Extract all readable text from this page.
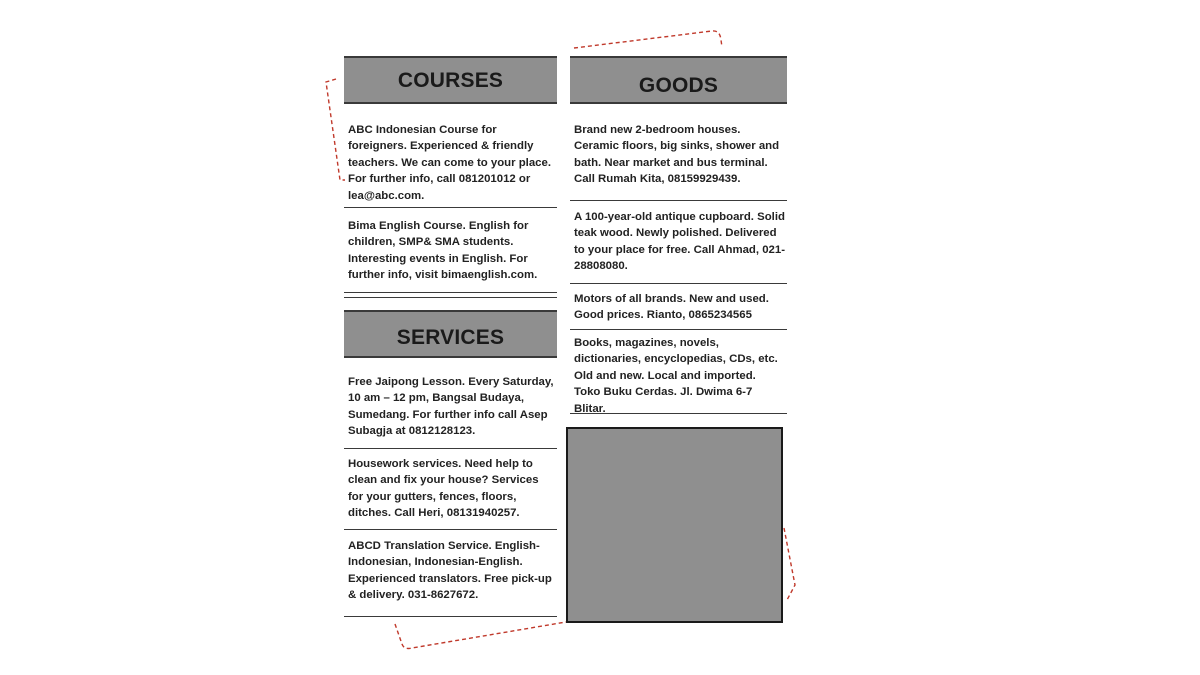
COURSES
ABC Indonesian Course for foreigners. Experienced & friendly teachers. We can come to your place. For further info, call 081201012 or lea@abc.com.
Bima English Course. English for children, SMP& SMA students. Interesting events in English. For further info, visit bimaenglish.com.
SERVICES
Free Jaipong Lesson. Every Saturday, 10 am – 12 pm, Bangsal Budaya, Sumedang. For further info call Asep Subagja at 0812128123.
Housework services. Need help to clean and fix your house? Services for your gutters, fences, floors, ditches. Call Heri, 08131940257.
ABCD Translation Service. English-Indonesian, Indonesian-English. Experienced translators. Free pick-up & delivery. 031-8627672.
GOODS
Brand new 2-bedroom houses. Ceramic floors, big sinks, shower and bath. Near market and bus terminal. Call Rumah Kita, 08159929439.
A 100-year-old antique cupboard. Solid teak wood. Newly polished. Delivered to your place for free. Call Ahmad, 021-28808080.
Motors of all brands. New and used. Good prices. Rianto, 0865234565
Books, magazines, novels, dictionaries, encyclopedias, CDs, etc. Old and new. Local and imported. Toko Buku Cerdas. Jl. Dwima 6-7 Blitar.
